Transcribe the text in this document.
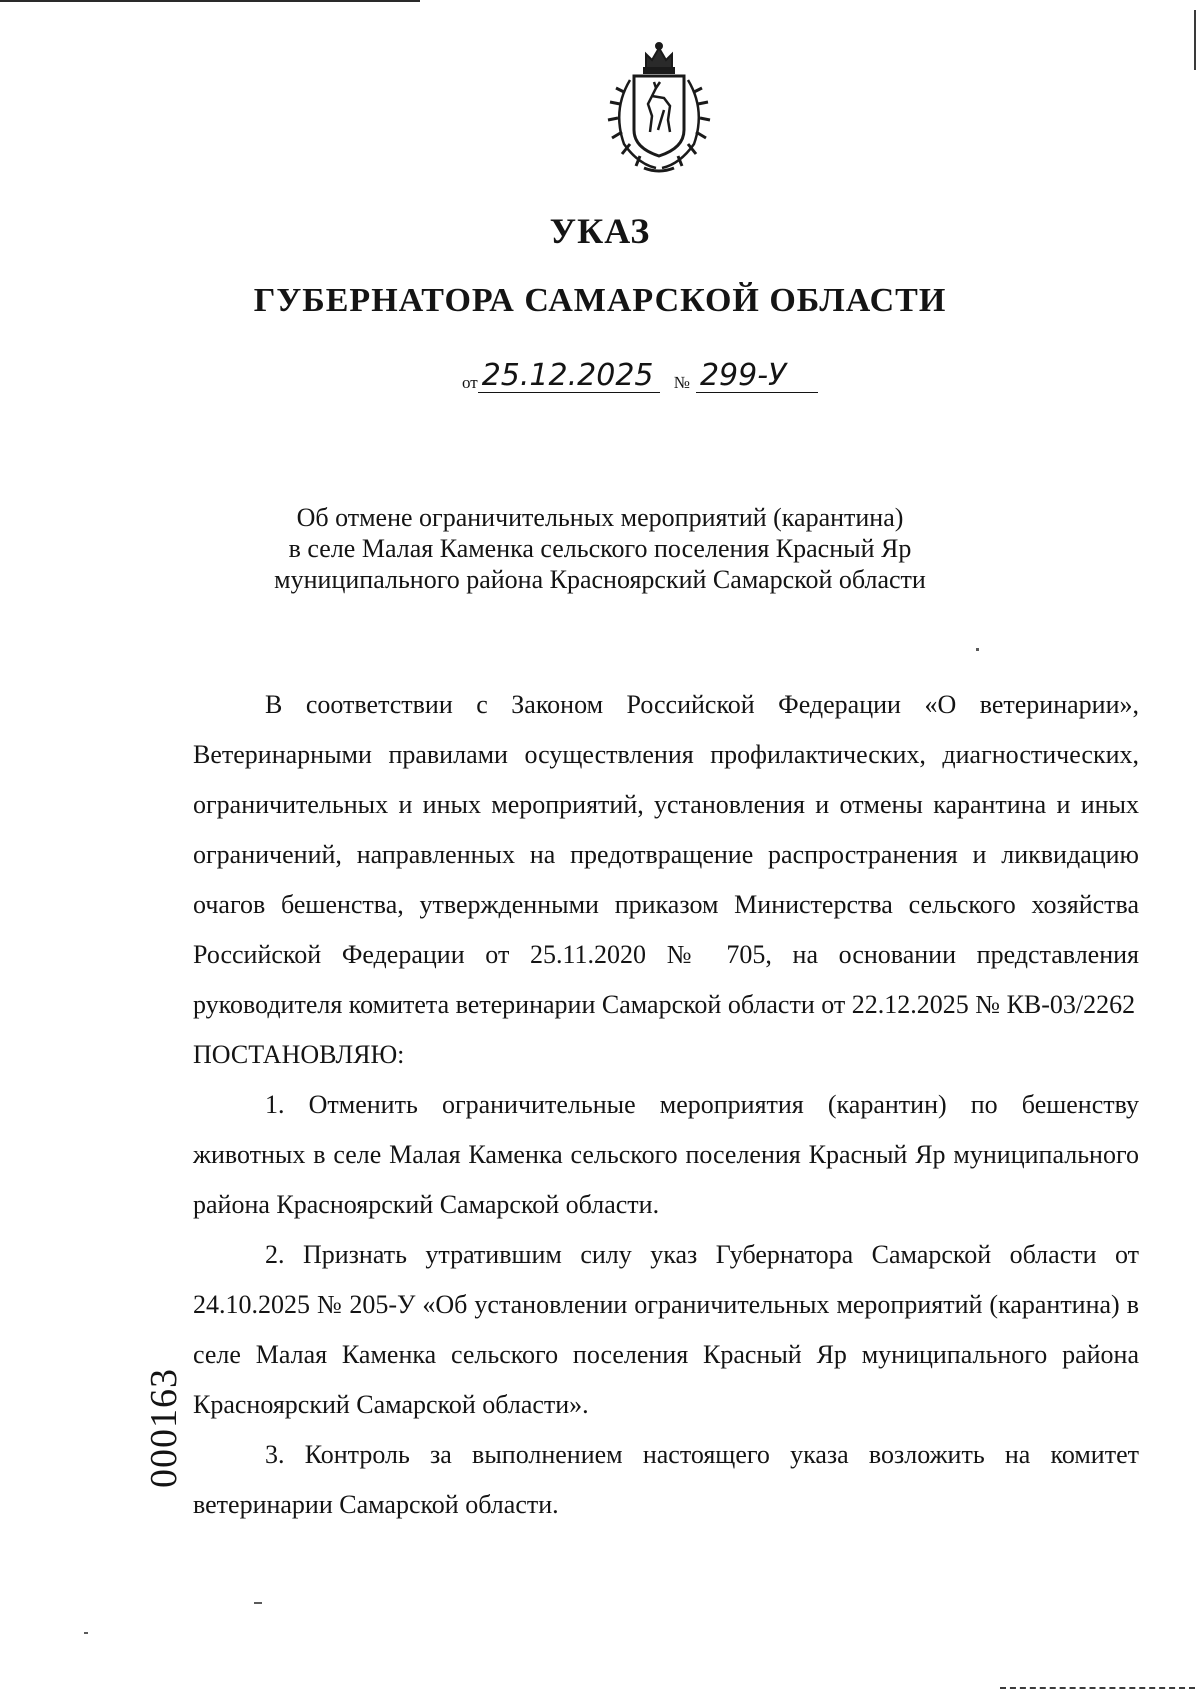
УКАЗ
ГУБЕРНАТОРА САМАРСКОЙ ОБЛАСТИ
от 25.12.2025 № 299-У
Об отмене ограничительных мероприятий (карантина)
в селе Малая Каменка сельского поселения Красный Яр
муниципального района Красноярский Самарской области
В соответствии с Законом Российской Федерации «О ветеринарии», Ветеринарными правилами осуществления профилактических, диагностических, ограничительных и иных мероприятий, установления и отмены карантина и иных ограничений, направленных на предотвращение распространения и ликвидацию очагов бешенства, утвержденными приказом Министерства сельского хозяйства Российской Федерации от 25.11.2020 № 705, на основании представления руководителя комитета ветеринарии Самарской области от 22.12.2025 № КВ-03/2262
ПОСТАНОВЛЯЮ:
1. Отменить ограничительные мероприятия (карантин) по бешенству животных в селе Малая Каменка сельского поселения Красный Яр муниципального района Красноярский Самарской области.
2. Признать утратившим силу указ Губернатора Самарской области от 24.10.2025 № 205-У «Об установлении ограничительных мероприятий (карантина) в селе Малая Каменка сельского поселения Красный Яр муниципального района Красноярский Самарской области».
3. Контроль за выполнением настоящего указа возложить на комитет ветеринарии Самарской области.
000163
